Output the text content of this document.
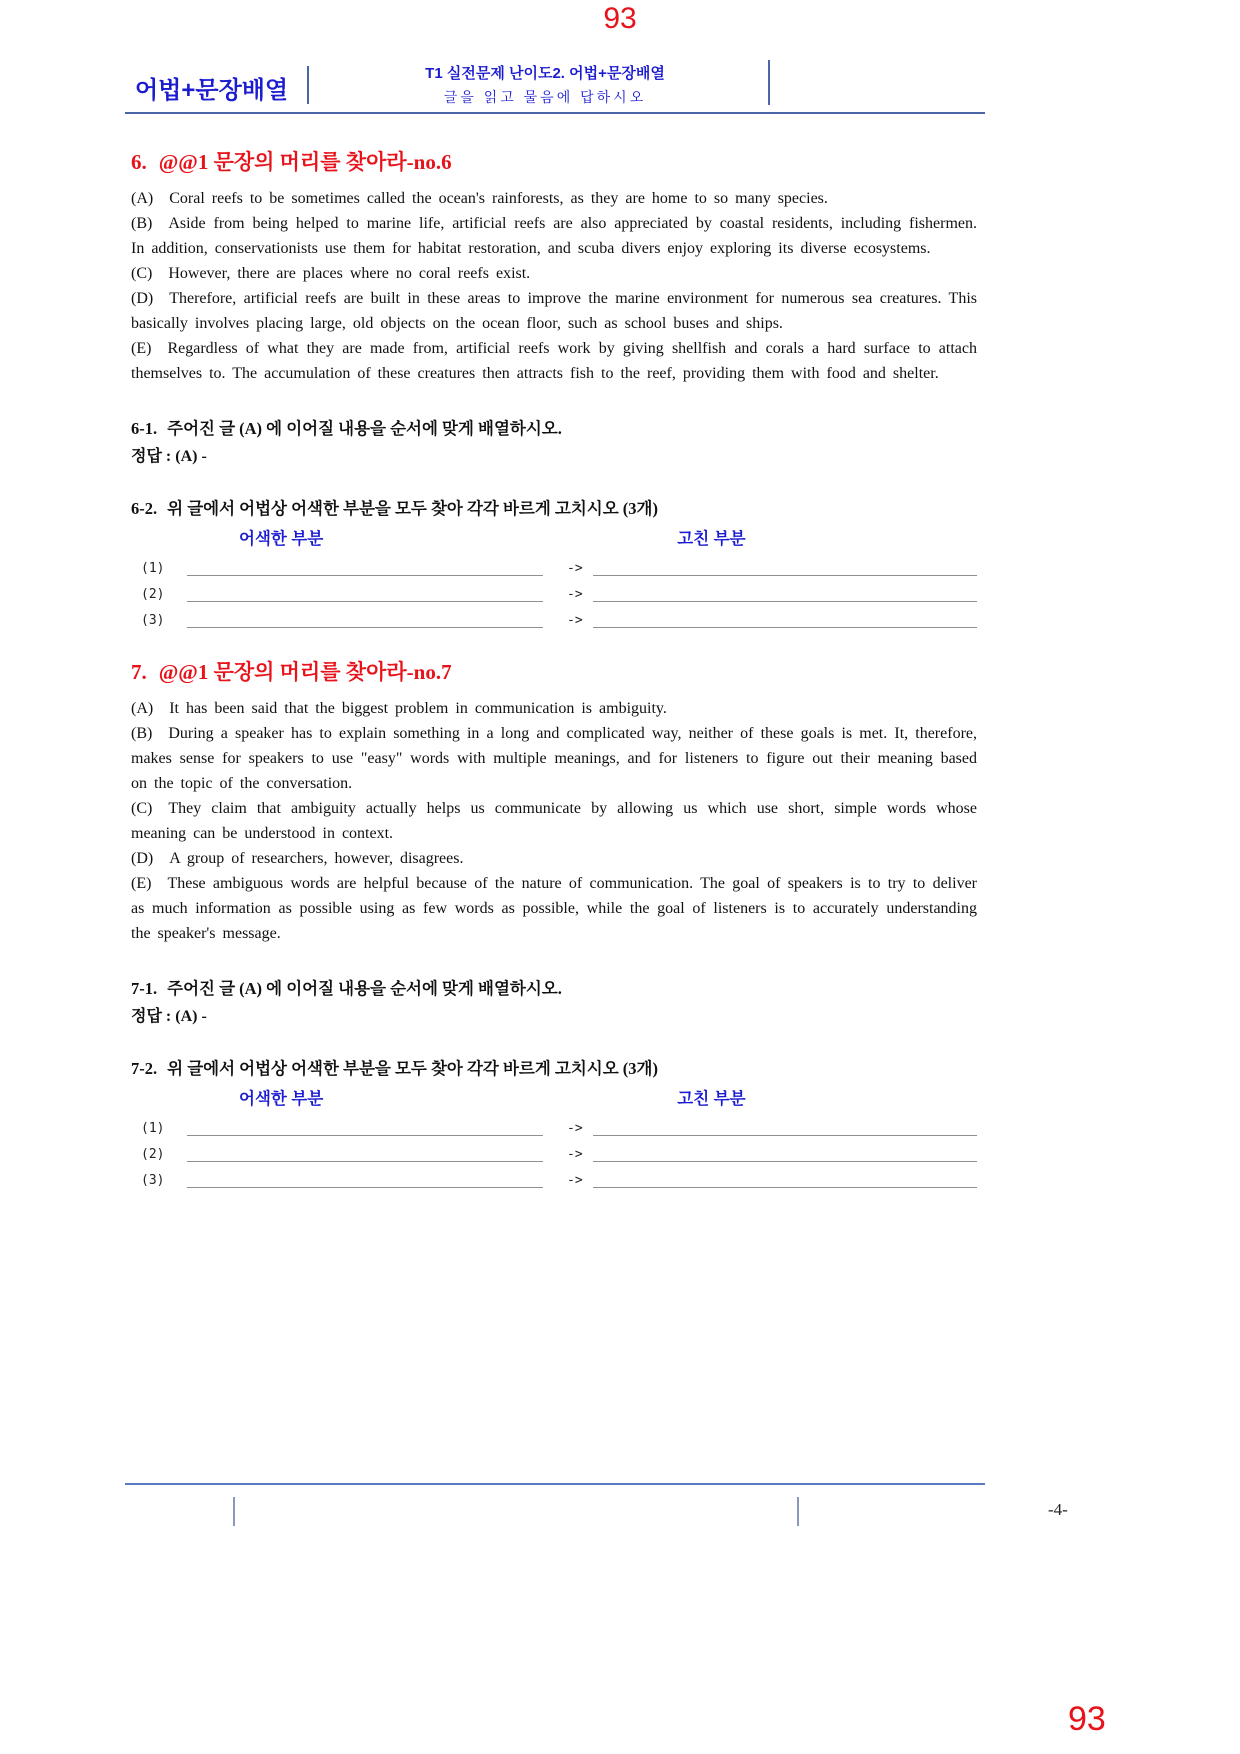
93
어법+문장배열
T1 실전문제 난이도2. 어법+문장배열
글을 읽고 물음에 답하시오
6. @@1 문장의 머리를 찾아라-no.6

(A) Coral reefs to be sometimes called the ocean's rainforests, as they are home to so many species.

(B) Aside from being helped to marine life, artificial reefs are also appreciated by coastal residents, including fishermen. In addition, conservationists use them for habitat restoration, and scuba divers enjoy exploring its diverse ecosystems.

(C) However, there are places where no coral reefs exist.

(D) Therefore, artificial reefs are built in these areas to improve the marine environment for numerous sea creatures. This basically involves placing large, old objects on the ocean floor, such as school buses and ships.

(E) Regardless of what they are made from, artificial reefs work by giving shellfish and corals a hard surface to attach themselves to. The accumulation of these creatures then attracts fish to the reef, providing them with food and shelter.

6-1. 주어진 글 (A) 에 이어질 내용을 순서에 맞게 배열하시오.

정답 : (A) -

6-2. 위 글에서 어법상 어색한 부분을 모두 찾아 각각 바르게 고치시오 (3개)

어색한 부분	고친 부분
(1)	->
(2)	->
(3)	->
7. @@1 문장의 머리를 찾아라-no.7

(A) It has been said that the biggest problem in communication is ambiguity.

(B) During a speaker has to explain something in a long and complicated way, neither of these goals is met. It, therefore, makes sense for speakers to use "easy" words with multiple meanings, and for listeners to figure out their meaning based on the topic of the conversation.

(C) They claim that ambiguity actually helps us communicate by allowing us which use short, simple words whose meaning can be understood in context.

(D) A group of researchers, however, disagrees.

(E) These ambiguous words are helpful because of the nature of communication. The goal of speakers is to try to deliver as much information as possible using as few words as possible, while the goal of listeners is to accurately understanding the speaker's message.

7-1. 주어진 글 (A) 에 이어질 내용을 순서에 맞게 배열하시오.

정답 : (A) -

7-2. 위 글에서 어법상 어색한 부분을 모두 찾아 각각 바르게 고치시오 (3개)

어색한 부분	고친 부분
(1)	->
(2)	->
(3)	->
-4-
93
